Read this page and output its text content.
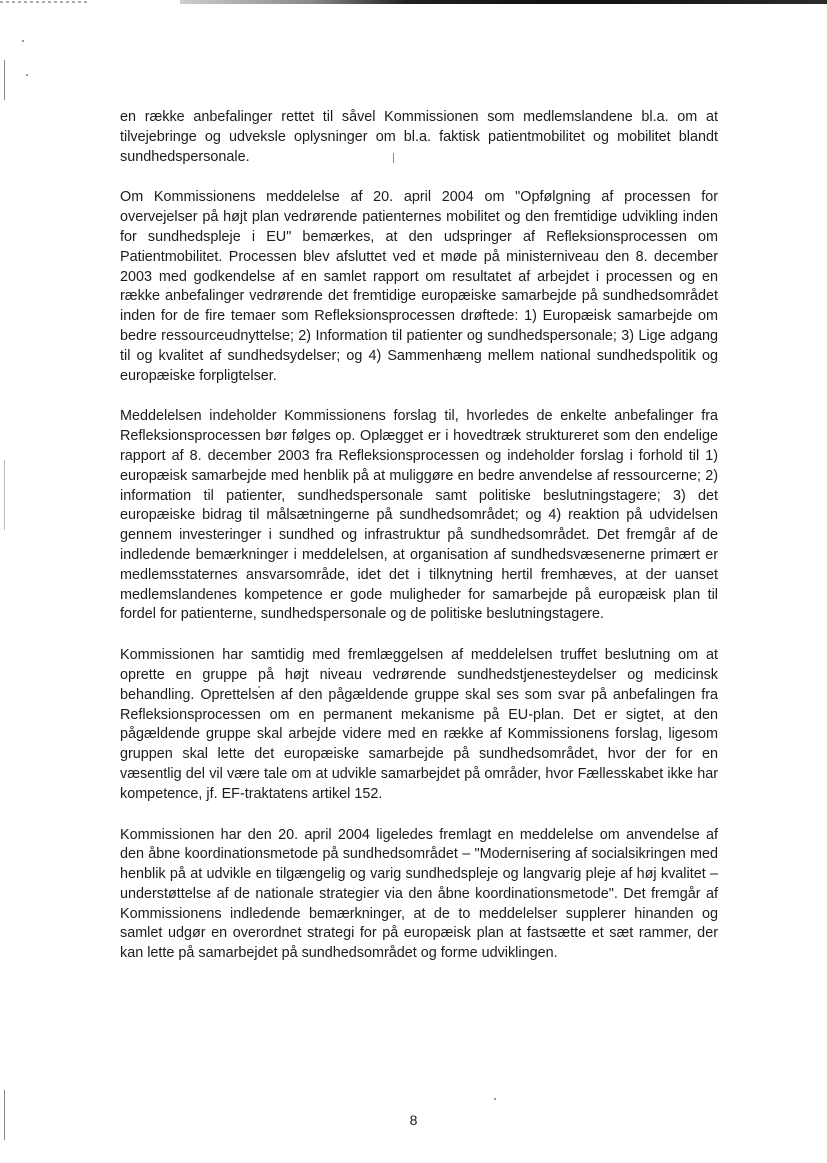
en række anbefalinger rettet til såvel Kommissionen som medlemslandene bl.a. om at tilvejebringe og udveksle oplysninger om bl.a. faktisk patientmobilitet og mobilitet blandt sundhedspersonale.

Om Kommissionens meddelelse af 20. april 2004 om "Opfølgning af processen for overvejelser på højt plan vedrørende patienternes mobilitet og den fremtidige udvikling inden for sundhedspleje i EU" bemærkes, at den udspringer af Refleksionsprocessen om Patientmobilitet. Processen blev afsluttet ved et møde på ministerniveau den 8. december 2003 med godkendelse af en samlet rapport om resultatet af arbejdet i processen og en række anbefalinger vedrørende det fremtidige europæiske samarbejde på sundhedsområdet inden for de fire temaer som Refleksionsprocessen drøftede: 1) Europæisk samarbejde om bedre ressourceudnyttelse; 2) Information til patienter og sundhedspersonale; 3) Lige adgang til og kvalitet af sundhedsydelser; og 4) Sammenhæng mellem national sundhedspolitik og europæiske forpligtelser.

Meddelelsen indeholder Kommissionens forslag til, hvorledes de enkelte anbefalinger fra Refleksionsprocessen bør følges op. Oplægget er i hovedtræk struktureret som den endelige rapport af 8. december 2003 fra Refleksionsprocessen og indeholder forslag i forhold til 1) europæisk samarbejde med henblik på at muliggøre en bedre anvendelse af ressourcerne; 2) information til patienter, sundhedspersonale samt politiske beslutningstagere; 3) det europæiske bidrag til målsætningerne på sundhedsområdet; og 4) reaktion på udvidelsen gennem investeringer i sundhed og infrastruktur på sundhedsområdet. Det fremgår af de indledende bemærkninger i meddelelsen, at organisation af sundhedsvæsenerne primært er medlemsstaternes ansvarsområde, idet det i tilknytning hertil fremhæves, at der uanset medlemslandenes kompetence er gode muligheder for samarbejde på europæisk plan til fordel for patienterne, sundhedspersonale og de politiske beslutningstagere.

Kommissionen har samtidig med fremlæggelsen af meddelelsen truffet beslutning om at oprette en gruppe på højt niveau vedrørende sundhedstjenesteydelser og medicinsk behandling. Oprettelsen af den pågældende gruppe skal ses som svar på anbefalingen fra Refleksionsprocessen om en permanent mekanisme på EU-plan. Det er sigtet, at den pågældende gruppe skal arbejde videre med en række af Kommissionens forslag, ligesom gruppen skal lette det europæiske samarbejde på sundhedsområdet, hvor der for en væsentlig del vil være tale om at udvikle samarbejdet på områder, hvor Fællesskabet ikke har kompetence, jf. EF-traktatens artikel 152.

Kommissionen har den 20. april 2004 ligeledes fremlagt en meddelelse om anvendelse af den åbne koordinationsmetode på sundhedsområdet – "Modernisering af socialsikringen med henblik på at udvikle en tilgængelig og varig sundhedspleje og langvarig pleje af høj kvalitet – understøttelse af de nationale strategier via den åbne koordinationsmetode". Det fremgår af Kommissionens indledende bemærkninger, at de to meddelelser supplerer hinanden og samlet udgør en overordnet strategi for på europæisk plan at fastsætte et sæt rammer, der kan lette på samarbejdet på sundhedsområdet og forme udviklingen.

8
